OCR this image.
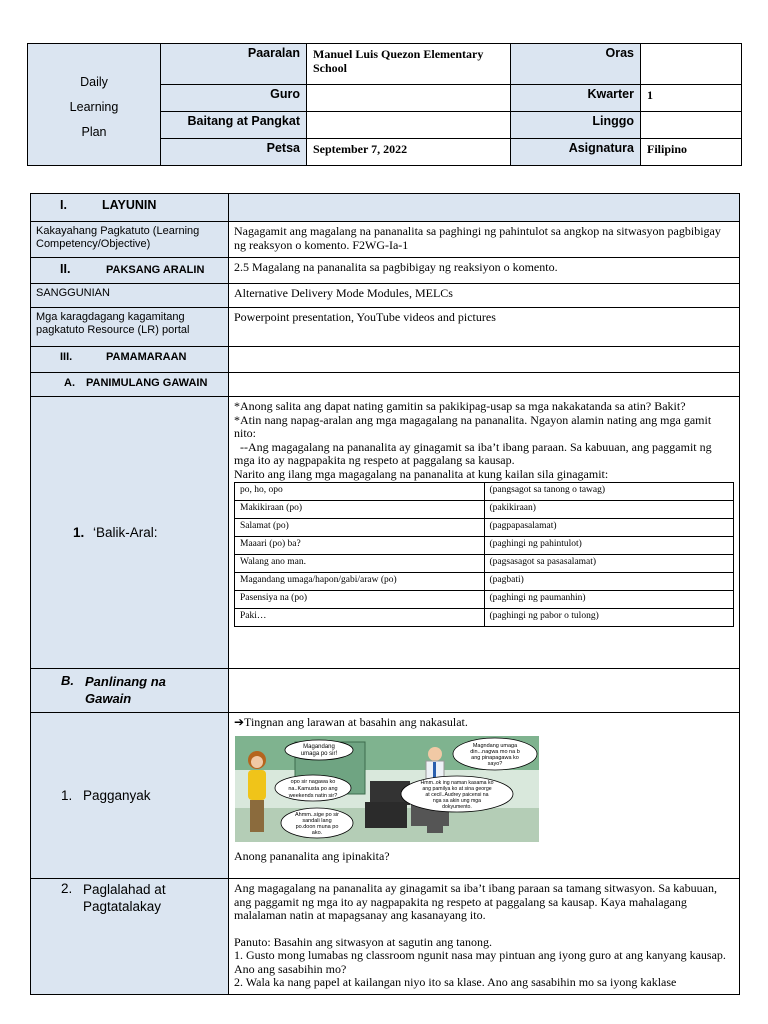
Daily
Learning
Plan	Paaralan	Manuel Luis Quezon Elementary School	Oras	
	Guro		Kwarter	1
	Baitang at Pangkat		Linggo	
	Petsa	September 7, 2022	Asignatura	Filipino
I.	LAYUNIN	
Kakayahang Pagkatuto (Learning Competency/Objective)	Nagagamit ang magalang na pananalita sa paghingi ng pahintulot sa angkop na sitwasyon pagbibigay ng reaksyon o komento. F2WG-Ia-1
II.	PAKSANG ARALIN	2.5 Magalang na pananalita sa pagbibigay ng reaksiyon o komento.
SANGGUNIAN	Alternative Delivery Mode Modules, MELCs
Mga karagdagang kagamitang pagkatuto Resource (LR) portal	Powerpoint presentation, YouTube videos and pictures
III.	PAMAMARAAN	
A. PANIMULANG GAWAIN	
1. ‘Balik-Aral:	

*Anong salita ang dapat nating gamitin sa pakikipag-usap sa mga nakakatanda sa atin? Bakit?

*Atin nang napag-aralan ang mga magagalang na pananalita. Ngayon alamin nating ang mga gamit nito:

--Ang magagalang na pananalita ay ginagamit sa iba’t ibang paraan. Sa kabuuan, ang paggamit ng mga ito ay nagpapakita ng respeto at paggalang sa kausap.

Narito ang ilang mga magagalang na pananalita at kung kailan sila ginagamit:

po, ho, opo	(pangsagot sa tanong o tawag)
Makikiraan (po)	(pakikiraan)
Salamat (po)	(pagpapasalamat)
Maaari (po) ba?	(paghingi ng pahintulot)
Walang ano man.	(pagsasagot sa pasasalamat)
Magandang umaga/hapon/gabi/araw (po)	(pagbati)
Pasensiya na (po)	(paghingi ng paumanhin)
Paki…	(paghingi ng pabor o tulong)

B. Panlinang na Gawain

1. Pagganyak	

➔Tingnan ang larawan at basahin ang nakasulat.

Magandang
umaga po sir!
opo sir nagawa ko
na..Kamusta po ang
weekends natin sir?
Ahmm..sige po sir
sandali lang
po.doon muna po
ako.
Magndang umaga
din...nagwa mo na b
ang pinapagawa ko
sayo?
Hmm..ok ing naman kasama ko
ang pamilya ko at sina george
at cecil..Audrey paicensi na
nga sa akin ung mga
dokyumento.

Anong pananalita ang ipinakita?

2. Paglalahad at Pagtatalakay

Ang magagalang na pananalita ay ginagamit sa iba’t ibang paraan sa tamang sitwasyon. Sa kabuuan, ang paggamit ng mga ito ay nagpapakita ng respeto at paggalang sa kausap. Kaya mahalagang malalaman natin at mapagsanay ang kasanayang ito.

Panuto: Basahin ang sitwasyon at sagutin ang tanong.

1. Gusto mong lumabas ng classroom ngunit nasa may pintuan ang iyong guro at ang kanyang kausap. Ano ang sasabihin mo?

2. Wala ka nang papel at kailangan niyo ito sa klase. Ano ang sasabihin mo sa iyong kaklase
